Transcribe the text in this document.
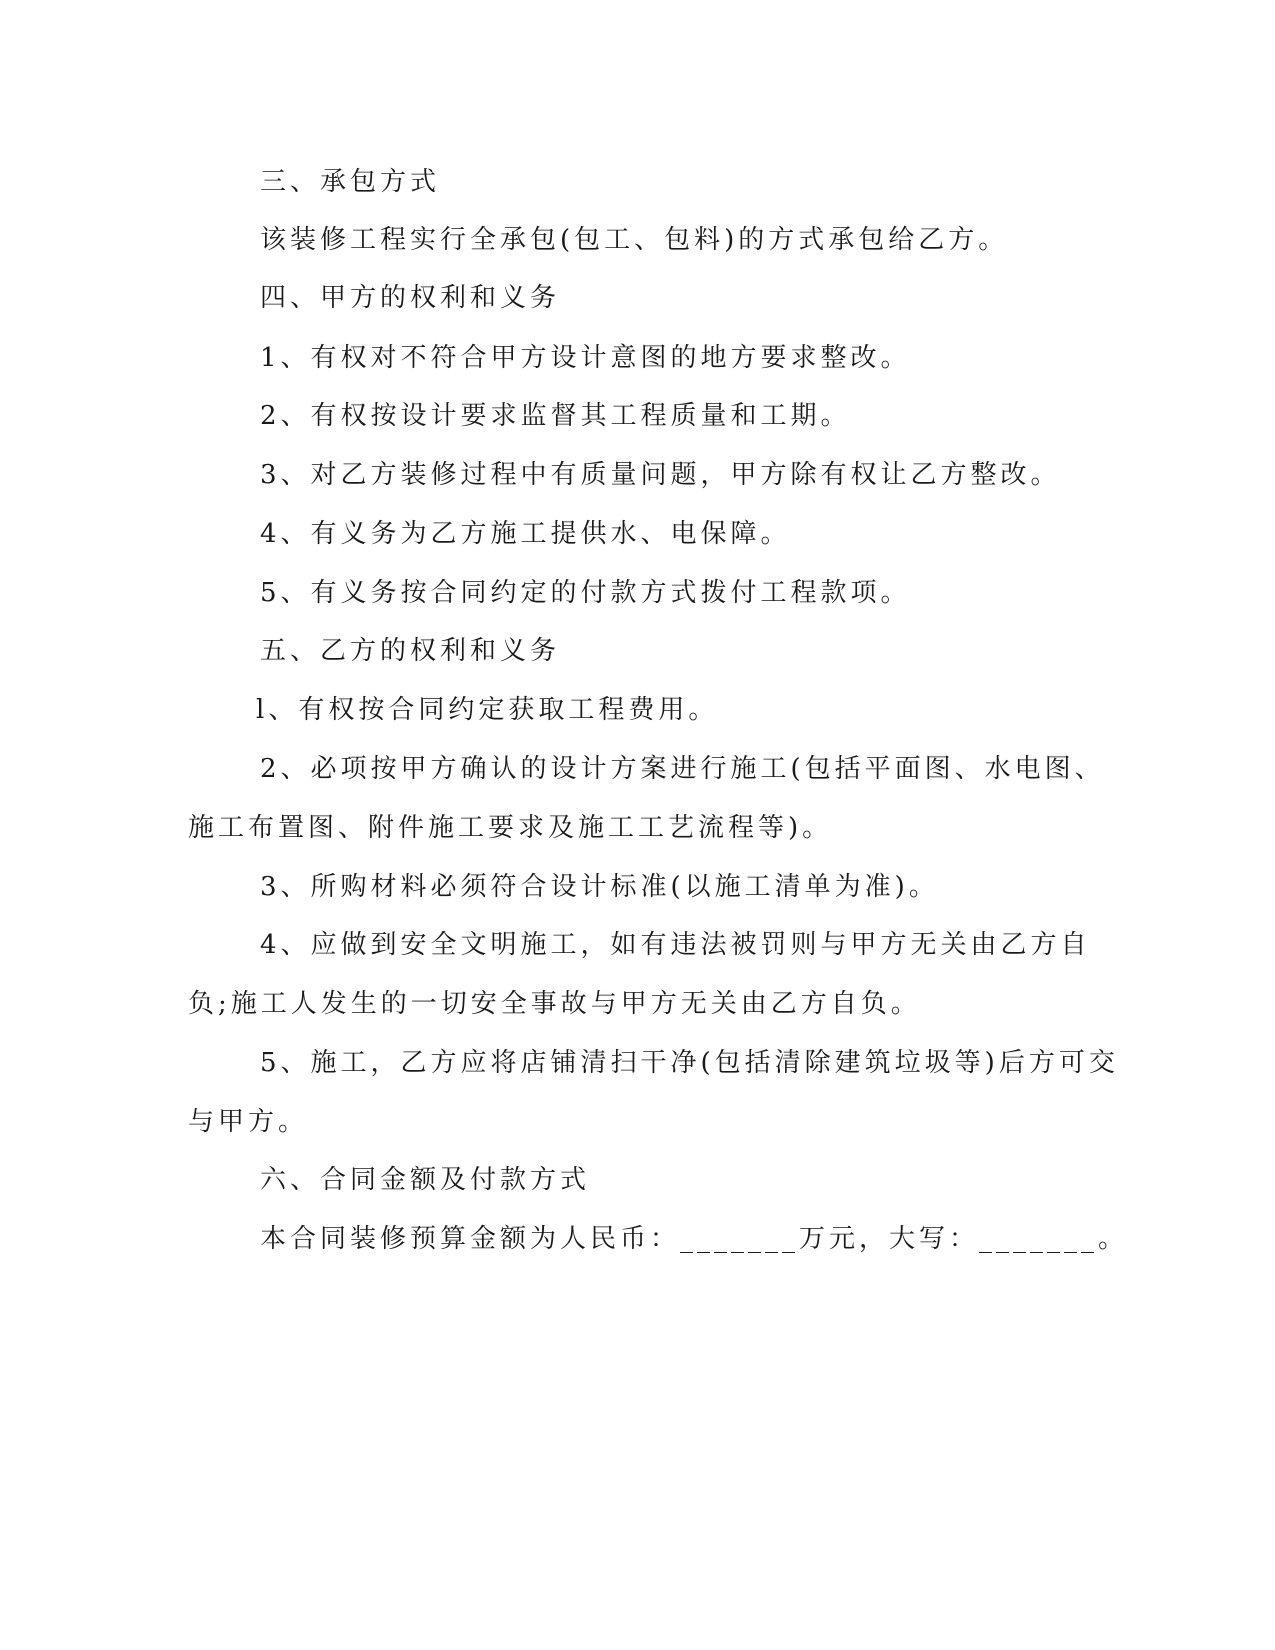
三、承包方式
该装修工程实行全承包(包工、包料)的方式承包给乙方。
四、甲方的权利和义务
1、有权对不符合甲方设计意图的地方要求整改。
2、有权按设计要求监督其工程质量和工期。
3、对乙方装修过程中有质量问题，甲方除有权让乙方整改。
4、有义务为乙方施工提供水、电保障。
5、有义务按合同约定的付款方式拨付工程款项。
五、乙方的权利和义务
l、有权按合同约定获取工程费用。
2、必项按甲方确认的设计方案进行施工(包括平面图、水电图、
施工布置图、附件施工要求及施工工艺流程等)。
3、所购材料必须符合设计标准(以施工清单为准)。
4、应做到安全文明施工，如有违法被罚则与甲方无关由乙方自
负;施工人发生的一切安全事故与甲方无关由乙方自负。
5、施工，乙方应将店铺清扫干净(包括清除建筑垃圾等)后方可交
与甲方。
六、合同金额及付款方式
本合同装修预算金额为人民币：_______万元，大写：_______。
